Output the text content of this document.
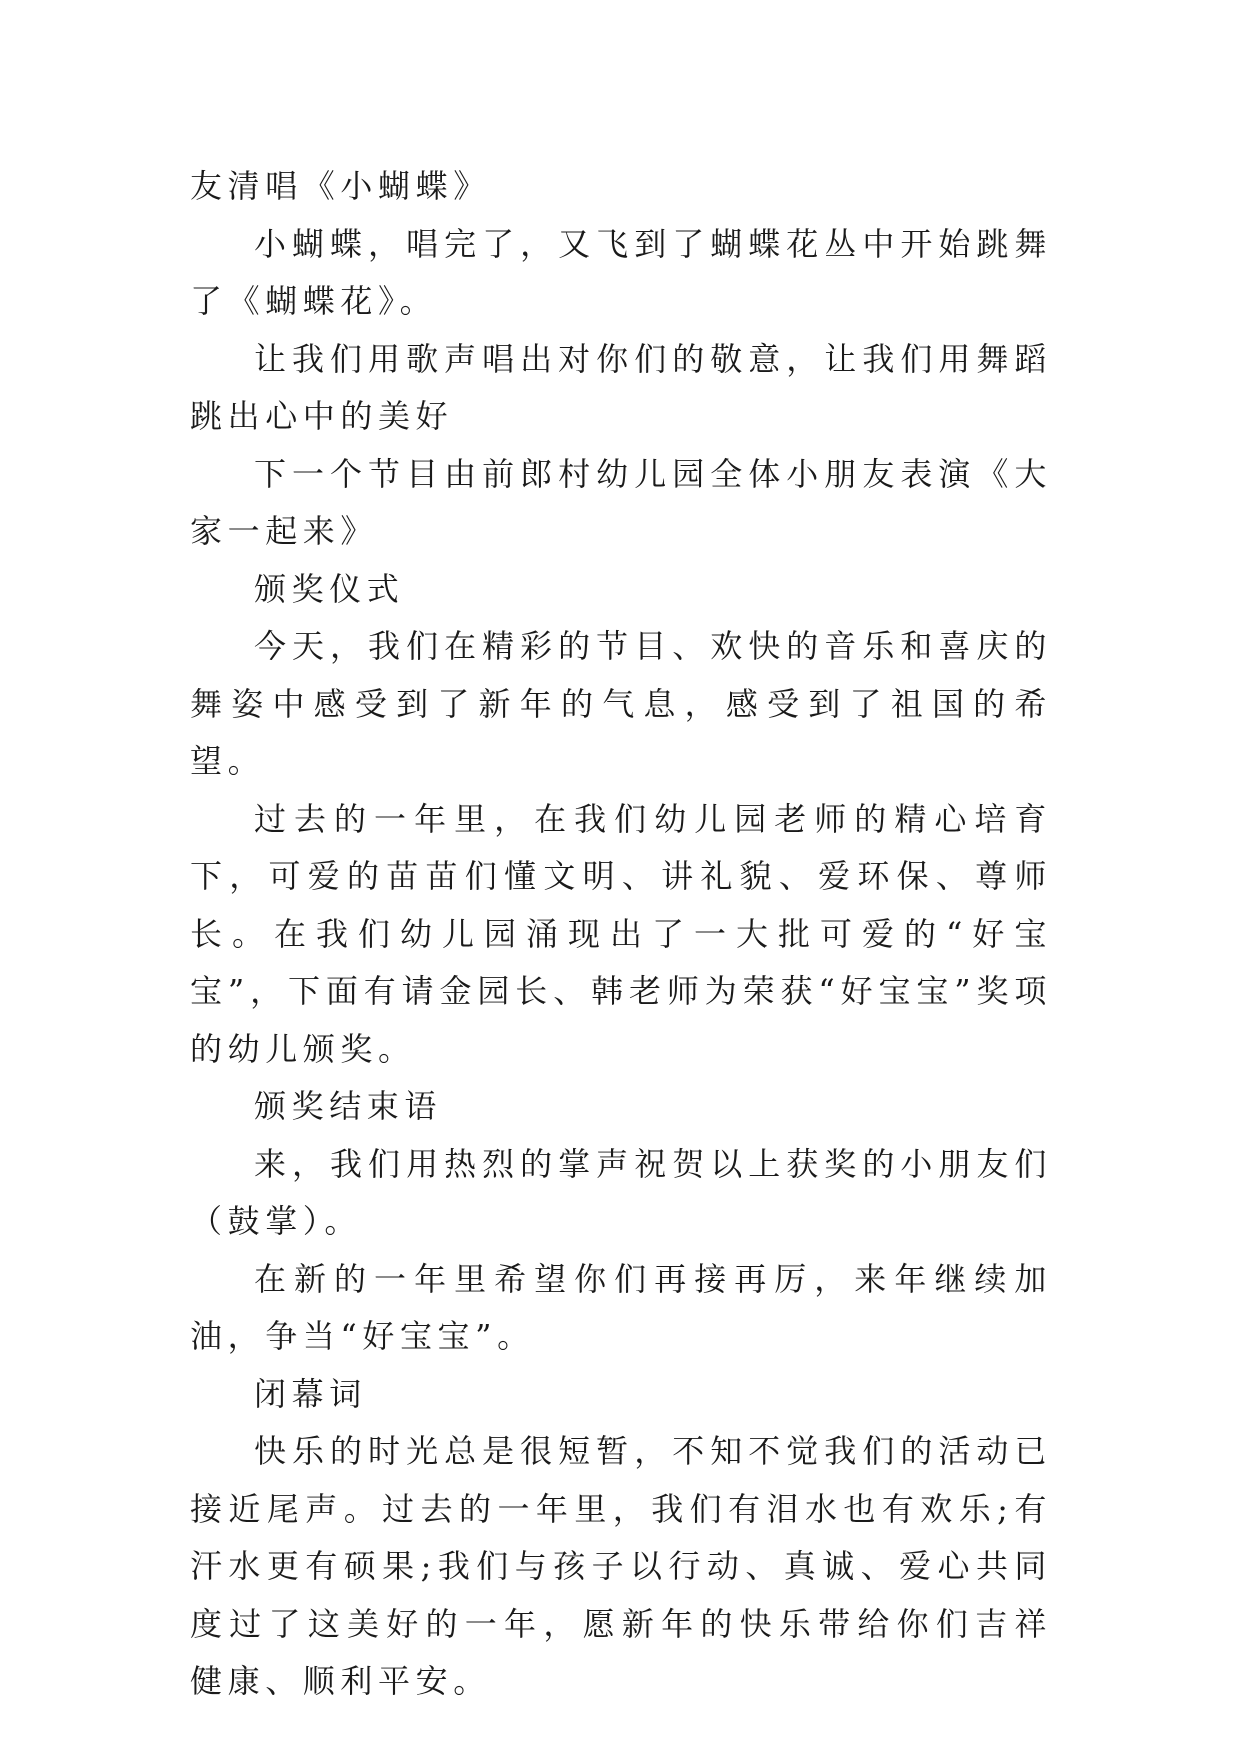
友清唱《小蝴蝶》

小蝴蝶，唱完了，又飞到了蝴蝶花丛中开始跳舞了《蝴蝶花》。

让我们用歌声唱出对你们的敬意，让我们用舞蹈跳出心中的美好

下一个节目由前郎村幼儿园全体小朋友表演《大家一起来》

颁奖仪式

今天，我们在精彩的节目、欢快的音乐和喜庆的舞姿中感受到了新年的气息，感受到了祖国的希望。

过去的一年里，在我们幼儿园老师的精心培育下，可爱的苗苗们懂文明、讲礼貌、爱环保、尊师长。在我们幼儿园涌现出了一大批可爱的“好宝宝”，下面有请金园长、韩老师为荣获“好宝宝”奖项的幼儿颁奖。

颁奖结束语

来，我们用热烈的掌声祝贺以上获奖的小朋友们（鼓掌）。

在新的一年里希望你们再接再厉，来年继续加油，争当“好宝宝”。

闭幕词

快乐的时光总是很短暂，不知不觉我们的活动已接近尾声。过去的一年里，我们有泪水也有欢乐;有汗水更有硕果;我们与孩子以行动、真诚、爱心共同度过了这美好的一年，愿新年的快乐带给你们吉祥健康、顺利平安。
